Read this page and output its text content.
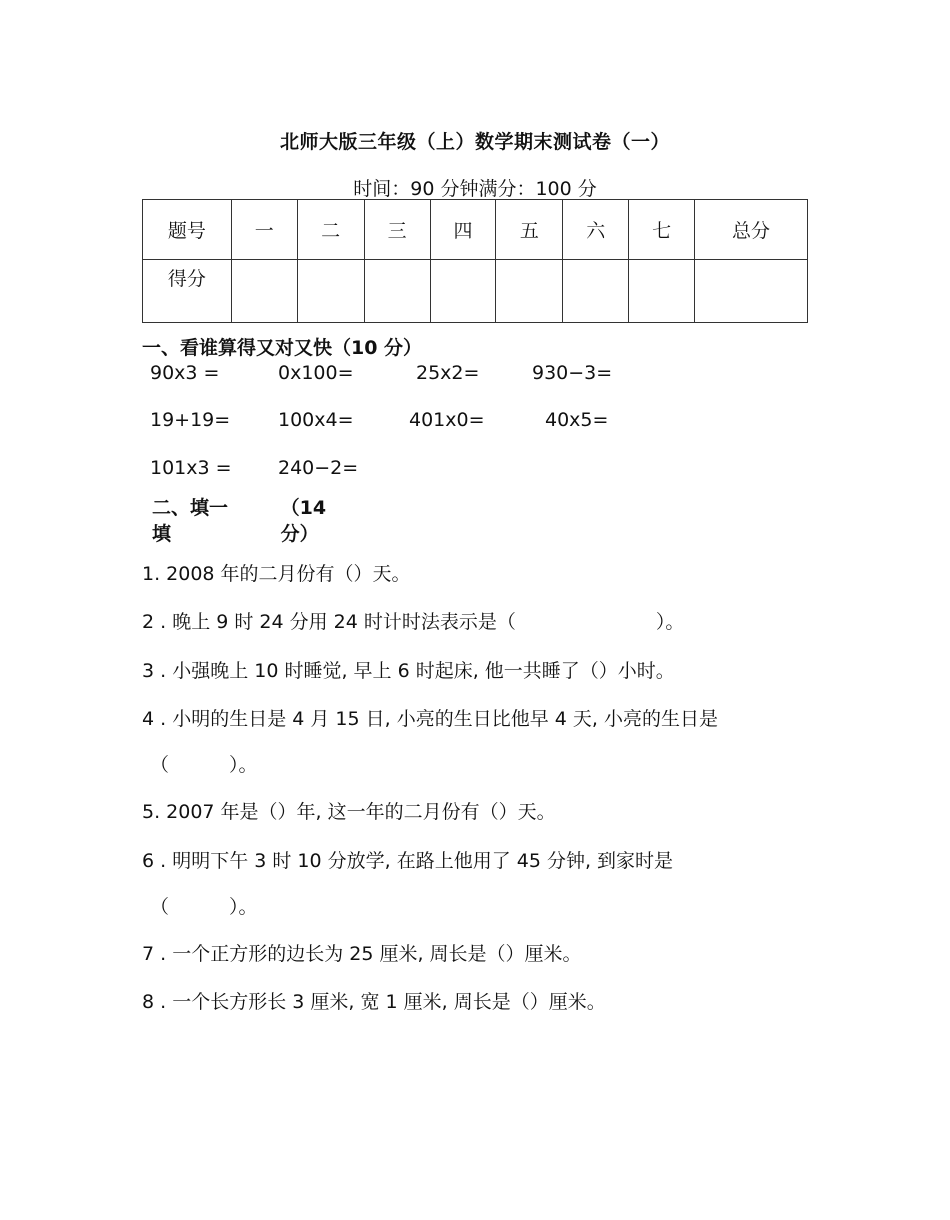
北师大版三年级（上）数学期末测试卷（一）
时间：90 分钟满分：100 分
题号	一	二	三	四	五	六	七	总分
得分								
一、看谁算得又对又快（10 分）
90x3 =	0x100=	25x2=	930−3=
19+19=	100x4=	401x0=	40x5=
101x3 = 240−2=
二、填一
填

（14
分）
1. 2008 年的二月份有（）天。
2 . 晚上 9 时 24 分用 24 时计时法表示是（	）。
3 . 小强晚上 10 时睡觉, 早上 6 时起床, 他一共睡了（）小时。
4 . 小明的生日是 4 月 15 日, 小亮的生日比他早 4 天, 小亮的生日是
（	）。
5. 2007 年是（）年, 这一年的二月份有（）天。
6 . 明明下午 3 时 10 分放学, 在路上他用了 45 分钟, 到家时是
（	）。
7 . 一个正方形的边长为 25 厘米, 周长是（）厘米。
8 . 一个长方形长 3 厘米, 宽 1 厘米, 周长是（）厘米。
